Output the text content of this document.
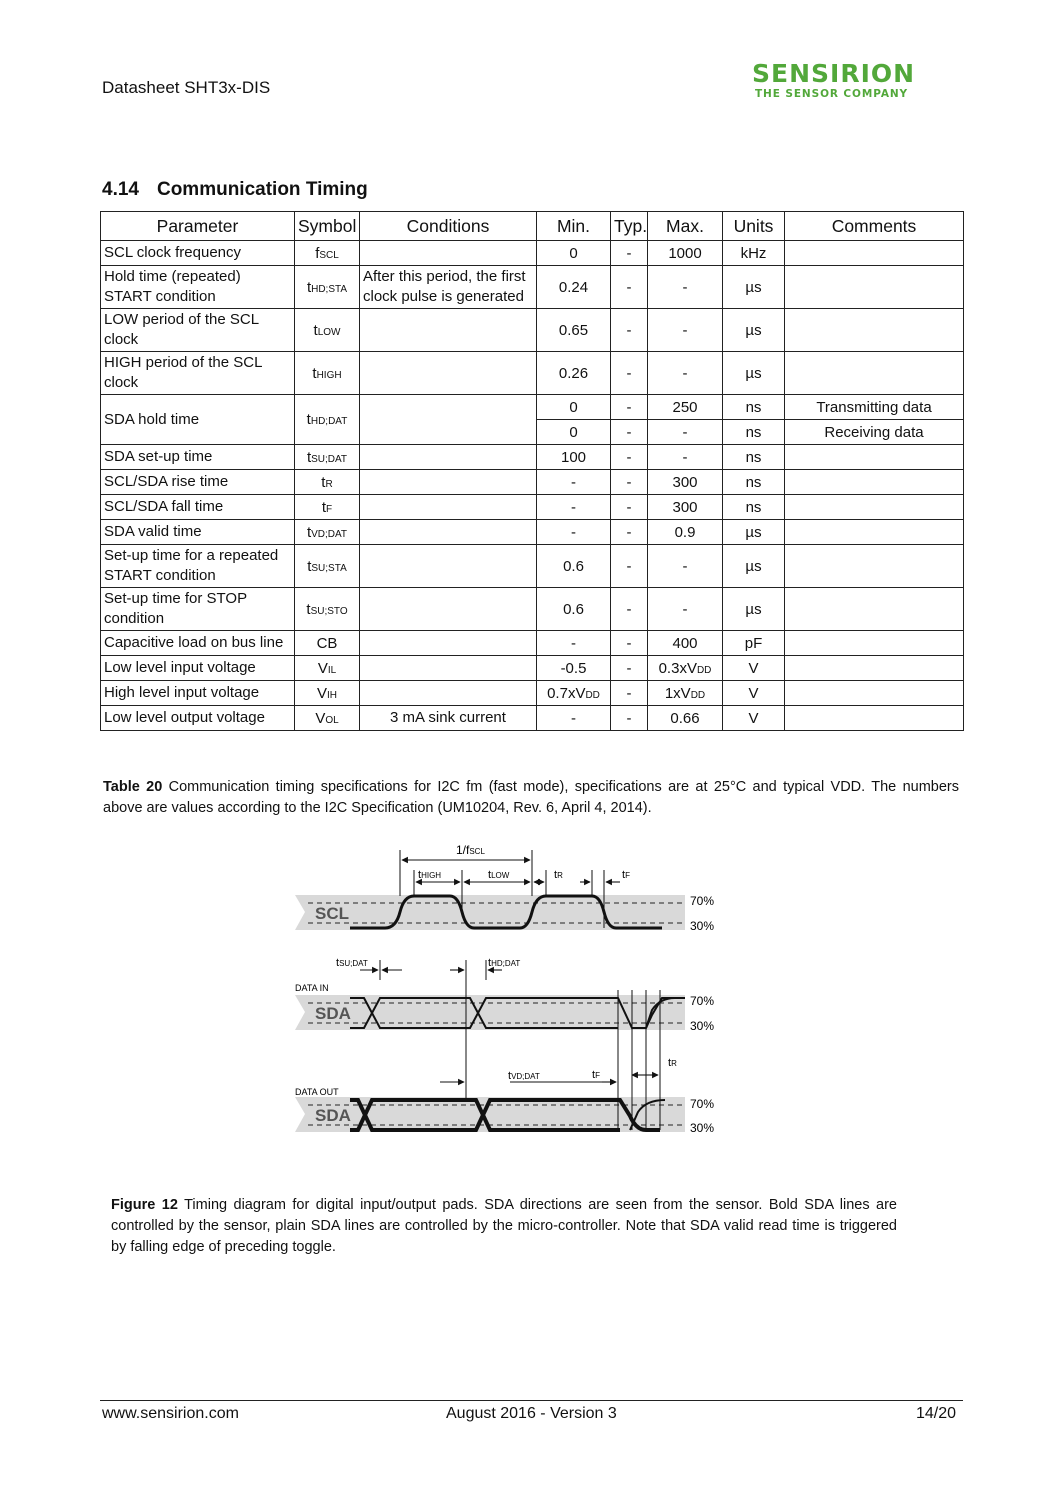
Datasheet SHT3x-DIS	SENSIRION
THE SENSOR COMPANY
4.14 Communication Timing
Parameter	Symbol	Conditions	Min.	Typ.	Max.	Units	Comments
SCL clock frequency	fSCL		0	-	1000	kHz	
Hold time (repeated) START condition	tHD;STA	After this period, the first clock pulse is generated	0.24	-	-	µs	
LOW period of the SCL clock	tLOW		0.65	-	-	µs	
HIGH period of the SCL clock	tHIGH		0.26	-	-	µs	
SDA hold time	tHD;DAT		0	-	250	ns	Transmitting data
			0	-	-	ns	Receiving data
SDA set-up time	tSU;DAT		100	-	-	ns	
SCL/SDA rise time	tR		-	-	300	ns	
SCL/SDA fall time	tF		-	-	300	ns	
SDA valid time	tVD;DAT		-	-	0.9	µs	
Set-up time for a repeated START condition	tSU;STA		0.6	-	-	µs	
Set-up time for STOP condition	tSU;STO		0.6	-	-	µs	
Capacitive load on bus line	CB		-	-	400	pF	
Low level input voltage	VIL		-0.5	-	0.3xVDD	V	
High level input voltage	VIH		0.7xVDD	-	1xVDD	V	
Low level output voltage	VOL	3 mA sink current	-	-	0.66	V	
Table 20 Communication timing specifications for I2C fm (fast mode), specifications are at 25°C and typical VDD. The numbers above are values according to the I2C Specification (UM10204, Rev. 6, April 4, 2014).
1/fSCL
tHIGH	tLOW	tR	tF
tSU;DAT	tHD;DAT
tVD;DAT	tF
tR
SCL
DATA IN
SDA
DATA OUT
SDA
70%
30%
70%
30%
70%
30%
Figure 12 Timing diagram for digital input/output pads. SDA directions are seen from the sensor. Bold SDA lines are controlled by the sensor, plain SDA lines are controlled by the micro-controller. Note that SDA valid read time is triggered by falling edge of preceding toggle.
www.sensirion.com	August 2016 - Version 3	14/20
